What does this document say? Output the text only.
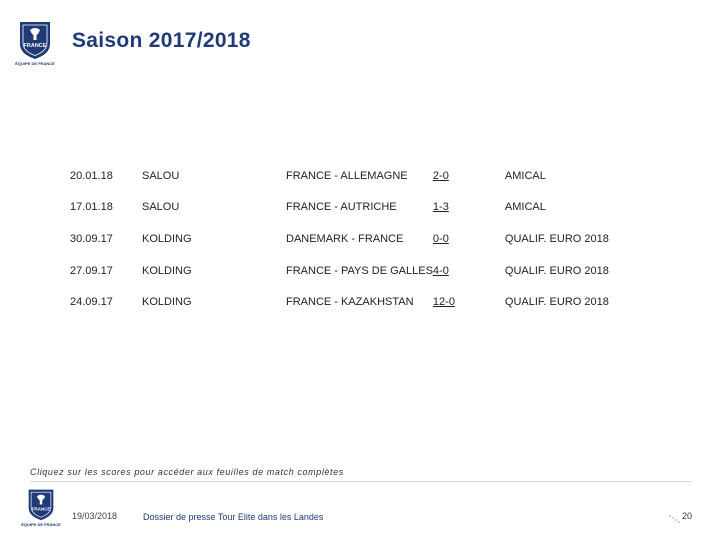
FRANCE
ÉQUIPE DE FRANCE
Saison 2017/2018
20.01.18	SALOU	FRANCE - ALLEMAGNE	2-0	AMICAL
17.01.18	SALOU	FRANCE - AUTRICHE	1-3	AMICAL
30.09.17	KOLDING	DANEMARK - FRANCE	0-0	QUALIF. EURO 2018
27.09.17	KOLDING	FRANCE - PAYS DE GALLES	4-0	QUALIF. EURO 2018
24.09.17	KOLDING	FRANCE - KAZAKHSTAN	12-0	QUALIF. EURO 2018
Cliquez sur les scores pour accéder aux feuilles de match complètes
FRANCE
ÉQUIPE DE FRANCE
19/03/2018	Dossier de presse Tour Elite dans les Landes	20
